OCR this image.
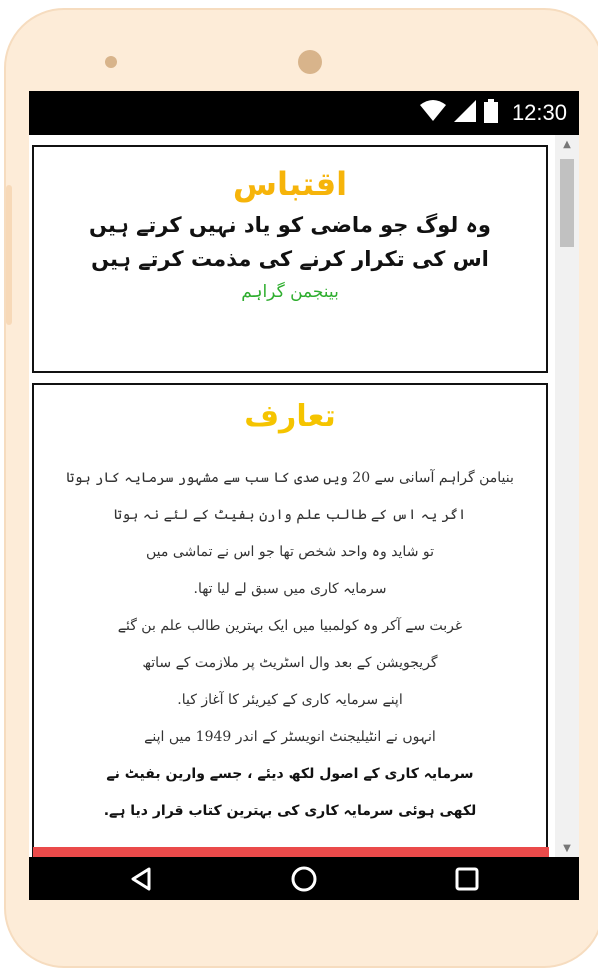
12:30
اقتباس
وہ لوگ جو ماضی کو یاد نہیں کرتے ہیں
اس کی تکرار کرنے کی مذمت کرتے ہیں
بینجمن گراہم
تعارف
بنیامن گراہم آسانی سے 20 ویں صدی کا سب سے مشہور سرمایہ کار ہوتا
اگر یہ اس کے طالب علم وارن بفیٹ کے لئے نہ ہوتا
تو شاید وہ واحد شخص تھا جو اس نے تماشی میں
سرمایہ کاری میں سبق لے لیا تھا.
غربت سے آکر وہ کولمبیا میں ایک بہترین طالب علم بن گئے
گریجویشن کے بعد وال اسٹریٹ پر ملازمت کے ساتھ
اپنے سرمایہ کاری کے کیریئر کا آغاز کیا.
انہوں نے انٹیلیجنٹ انویسٹر کے اندر 1949 میں اپنے
سرمایہ کاری کے اصول لکھ دیئے ، جسے وارین بفیٹ نے
لکھی ہوئی سرمایہ کاری کی بہترین کتاب قرار دیا ہے.
▲
▼
